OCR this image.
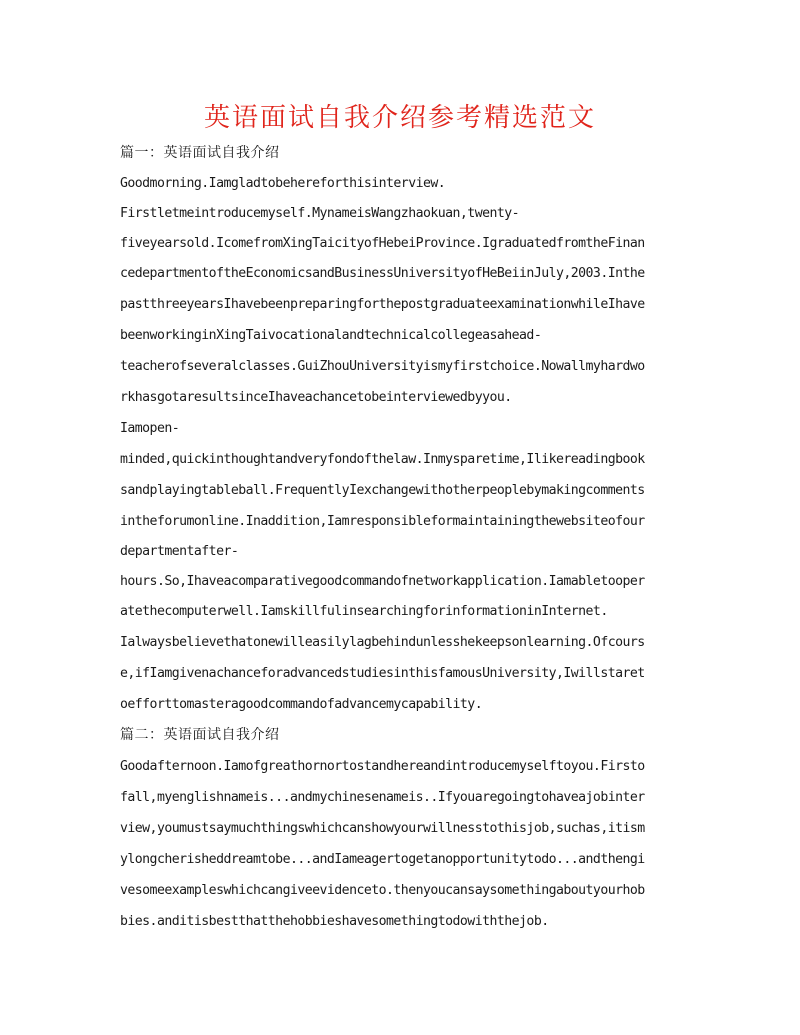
英语面试自我介绍参考精选范文
篇一：英语面试自我介绍
Goodmorning.Iamgladtobehereforthisinterview.
Firstletmeintroducemyself.MynameisWangzhaokuan,twenty-
fiveyearsold.IcomefromXingTaicityofHebeiProvince.IgraduatedfromtheFinan
cedepartmentoftheEconomicsandBusinessUniversityofHeBeiinJuly,2003.Inthe
pastthreeyearsIhavebeenpreparingforthepostgraduateexaminationwhileIhave
beenworkinginXingTaivocationalandtechnicalcollegeasahead-
teacherofseveralclasses.GuiZhouUniversityismyfirstchoice.Nowallmyhardwo
rkhasgotaresultsinceIhaveachancetobeinterviewedbyyou.
Iamopen-
minded,quickinthoughtandveryfondofthelaw.Inmysparetime,Ilikereadingbook
sandplayingtableball.FrequentlyIexchangewithotherpeoplebymakingcomments
intheforumonline.Inaddition,Iamresponsibleformaintainingthewebsiteofour
departmentafter-
hours.So,Ihaveacomparativegoodcommandofnetworkapplication.Iamabletooper
atethecomputerwell.IamskillfulinsearchingforinformationinInternet.
Ialwaysbelievethatonewilleasilylagbehindunlesshekeepsonlearning.Ofcours
e,ifIamgivenachanceforadvancedstudiesinthisfamousUniversity,Iwillstaret
oefforttomasteragoodcommandofadvancemycapability.
篇二：英语面试自我介绍
Goodafternoon.Iamofgreathornortostandhereandintroducemyselftoyou.Firsto
fall,myenglishnameis...andmychinesenameis..Ifyouaregoingtohaveajobinter
view,youmustsaymuchthingswhichcanshowyourwillnesstothisjob,suchas,itism
ylongcherisheddreamtobe...andIameagertogetanopportunitytodo...andthengi
vesomeexampleswhichcangiveevidenceto.thenyoucansaysomethingaboutyourhob
bies.anditisbestthatthehobbieshavesomethingtodowiththejob.
